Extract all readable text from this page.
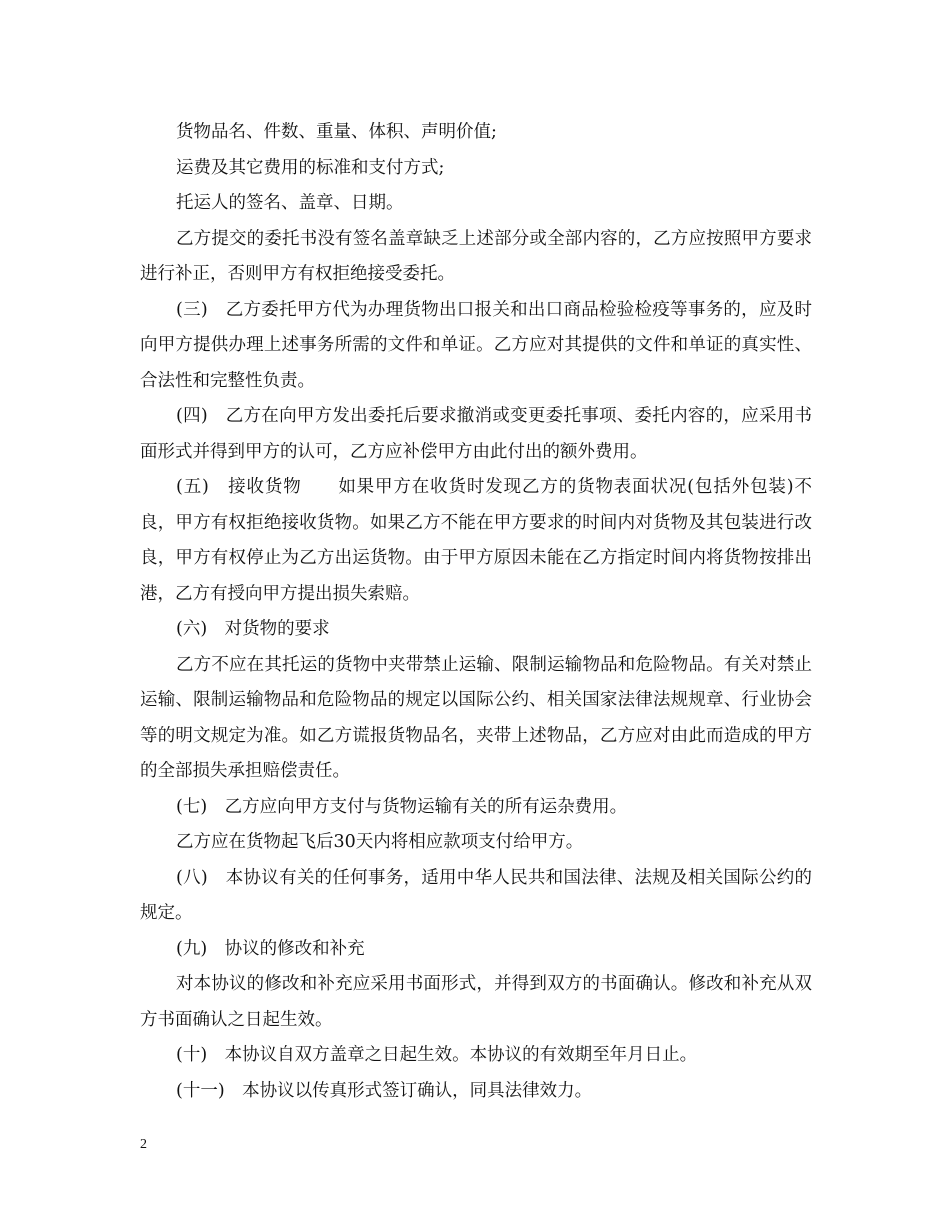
货物品名、件数、重量、体积、声明价值;

运费及其它费用的标准和支付方式;

托运人的签名、盖章、日期。

乙方提交的委托书没有签名盖章缺乏上述部分或全部内容的，乙方应按照甲方要求进行补正，否则甲方有权拒绝接受委托。

(三)　乙方委托甲方代为办理货物出口报关和出口商品检验检疫等事务的，应及时向甲方提供办理上述事务所需的文件和单证。乙方应对其提供的文件和单证的真实性、合法性和完整性负责。

(四)　乙方在向甲方发出委托后要求撤消或变更委托事项、委托内容的，应采用书面形式并得到甲方的认可，乙方应补偿甲方由此付出的额外费用。

(五)　接收货物　　如果甲方在收货时发现乙方的货物表面状况(包括外包装)不良，甲方有权拒绝接收货物。如果乙方不能在甲方要求的时间内对货物及其包装进行改良，甲方有权停止为乙方出运货物。由于甲方原因未能在乙方指定时间内将货物按排出港，乙方有授向甲方提出损失索赔。

(六)　对货物的要求

乙方不应在其托运的货物中夹带禁止运输、限制运输物品和危险物品。有关对禁止运输、限制运输物品和危险物品的规定以国际公约、相关国家法律法规规章、行业协会等的明文规定为准。如乙方谎报货物品名，夹带上述物品，乙方应对由此而造成的甲方的全部损失承担赔偿责任。

(七)　乙方应向甲方支付与货物运输有关的所有运杂费用。

乙方应在货物起飞后30天内将相应款项支付给甲方。

(八)　本协议有关的任何事务，适用中华人民共和国法律、法规及相关国际公约的规定。

(九)　协议的修改和补充

对本协议的修改和补充应采用书面形式，并得到双方的书面确认。修改和补充从双方书面确认之日起生效。

(十)　本协议自双方盖章之日起生效。本协议的有效期至年月日止。

(十一)　本协议以传真形式签订确认，同具法律效力。

2
